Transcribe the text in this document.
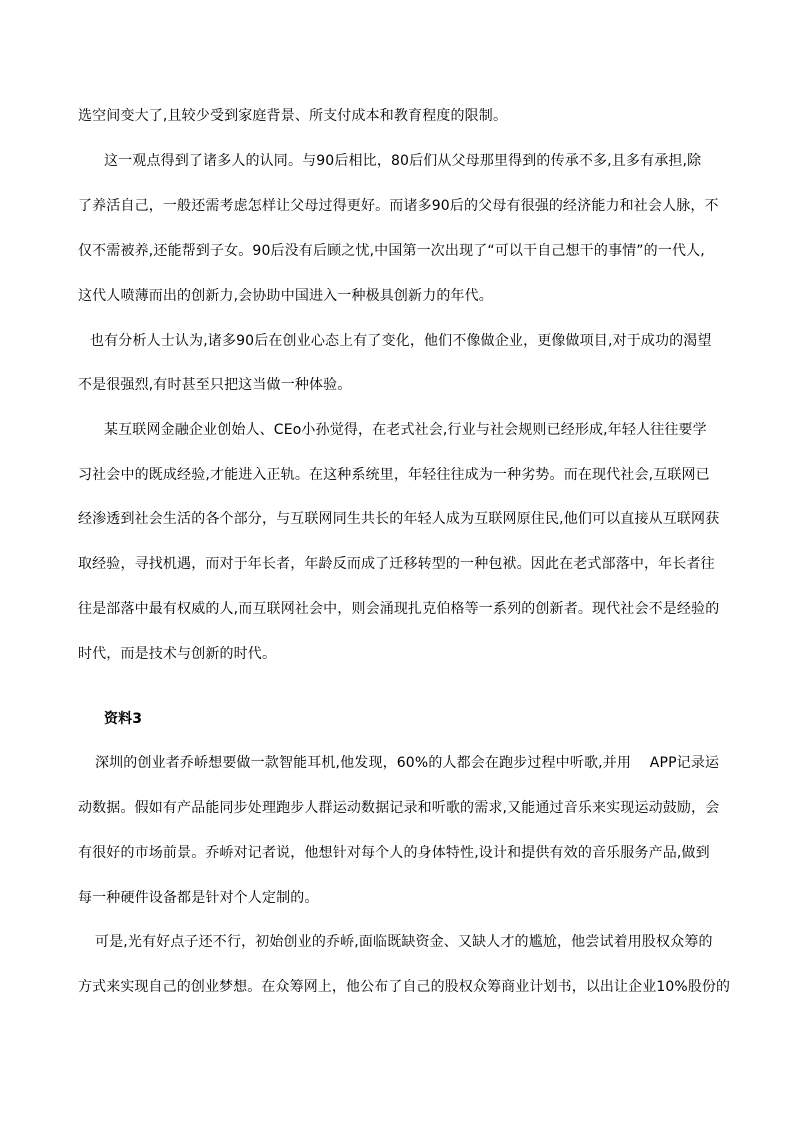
选空间变大了,且较少受到家庭背景、所支付成本和教育程度的限制。
这一观点得到了诸多人的认同。与90后相比，80后们从父母那里得到的传承不多,且多有承担,除
了养活自己，一般还需考虑怎样让父母过得更好。而诸多90后的父母有很强的经济能力和社会人脉，不
仅不需被养,还能帮到子女。90后没有后顾之忧,中国第一次出现了“可以干自己想干的事情”的一代人,
这代人喷薄而出的创新力,会协助中国进入一种极具创新力的年代。
也有分析人士认为,诸多90后在创业心态上有了变化，他们不像做企业，更像做项目,对于成功的渴望
不是很强烈,有时甚至只把这当做一种体验。
某互联网金融企业创始人、CEo小孙觉得，在老式社会,行业与社会规则已经形成,年轻人往往要学
习社会中的既成经验,才能进入正轨。在这种系统里，年轻往往成为一种劣势。而在现代社会,互联网已
经渗透到社会生活的各个部分，与互联网同生共长的年轻人成为互联网原住民,他们可以直接从互联网获
取经验，寻找机遇，而对于年长者，年龄反而成了迁移转型的一种包袱。因此在老式部落中，年长者往
往是部落中最有权威的人,而互联网社会中，则会涌现扎克伯格等一系列的创新者。现代社会不是经验的
时代，而是技术与创新的时代。
资料3
深圳的创业者乔峤想要做一款智能耳机,他发现，60%的人都会在跑步过程中听歌,并用　 APP记录运
动数据。假如有产品能同步处理跑步人群运动数据记录和听歌的需求,又能通过音乐来实现运动鼓励，会
有很好的市场前景。乔峤对记者说，他想针对每个人的身体特性,设计和提供有效的音乐服务产品,做到
每一种硬件设备都是针对个人定制的。
可是,光有好点子还不行，初始创业的乔峤,面临既缺资金、又缺人才的尴尬，他尝试着用股权众筹的
方式来实现自己的创业梦想。在众筹网上，他公布了自己的股权众筹商业计划书，以出让企业10%股份的
